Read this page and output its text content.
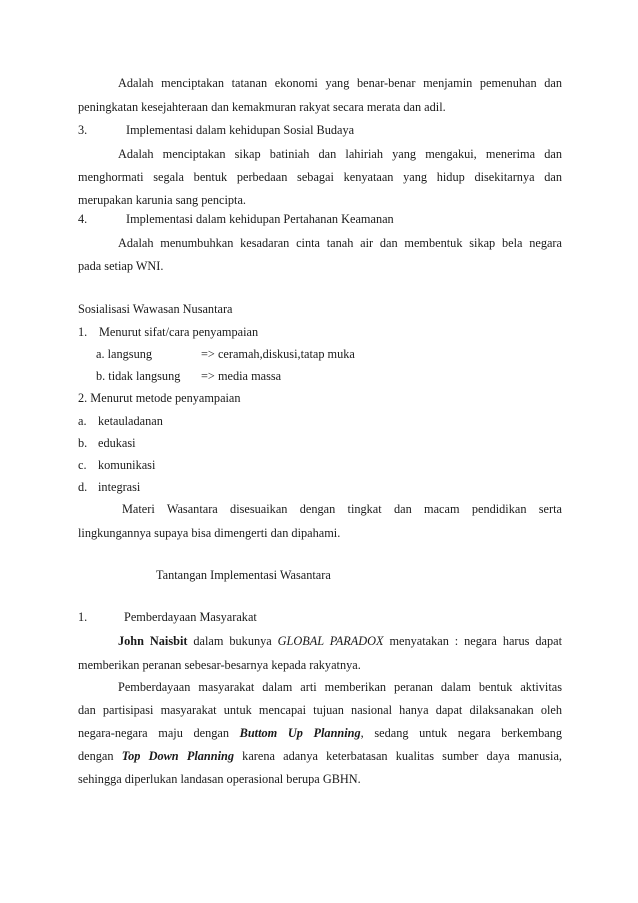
Adalah menciptakan tatanan ekonomi yang benar-benar menjamin pemenuhan dan
peningkatan kesejahteraan dan kemakmuran rakyat secara merata dan adil.
3.	Implementasi dalam kehidupan Sosial Budaya
Adalah menciptakan sikap batiniah dan lahiriah yang mengakui, menerima dan
menghormati segala bentuk perbedaan sebagai kenyataan yang hidup disekitarnya dan
merupakan karunia sang pencipta.
4.	Implementasi dalam kehidupan Pertahanan Keamanan
Adalah menumbuhkan kesadaran cinta tanah air dan membentuk sikap bela negara
pada setiap WNI.
Sosialisasi Wawasan Nusantara
1. Menurut sifat/cara penyampaian
a. langsung	=> ceramah,diskusi,tatap muka
b. tidak langsung => media massa
2. Menurut metode penyampaian
a. ketauladanan
b. edukasi
c. komunikasi
d. integrasi
Materi Wasantara disesuaikan dengan tingkat dan macam pendidikan serta
lingkungannya supaya bisa dimengerti dan dipahami.
Tantangan Implementasi Wasantara
1.	Pemberdayaan Masyarakat
John Naisbit dalam bukunya GLOBAL PARADOX menyatakan : negara harus dapat
memberikan peranan sebesar-besarnya kepada rakyatnya.
Pemberdayaan masyarakat dalam arti memberikan peranan dalam bentuk aktivitas
dan partisipasi masyarakat untuk mencapai tujuan nasional hanya dapat dilaksanakan oleh
negara-negara maju dengan Buttom Up Planning, sedang untuk negara berkembang
dengan Top Down Planning karena adanya keterbatasan kualitas sumber daya manusia,
sehingga diperlukan landasan operasional berupa GBHN.
